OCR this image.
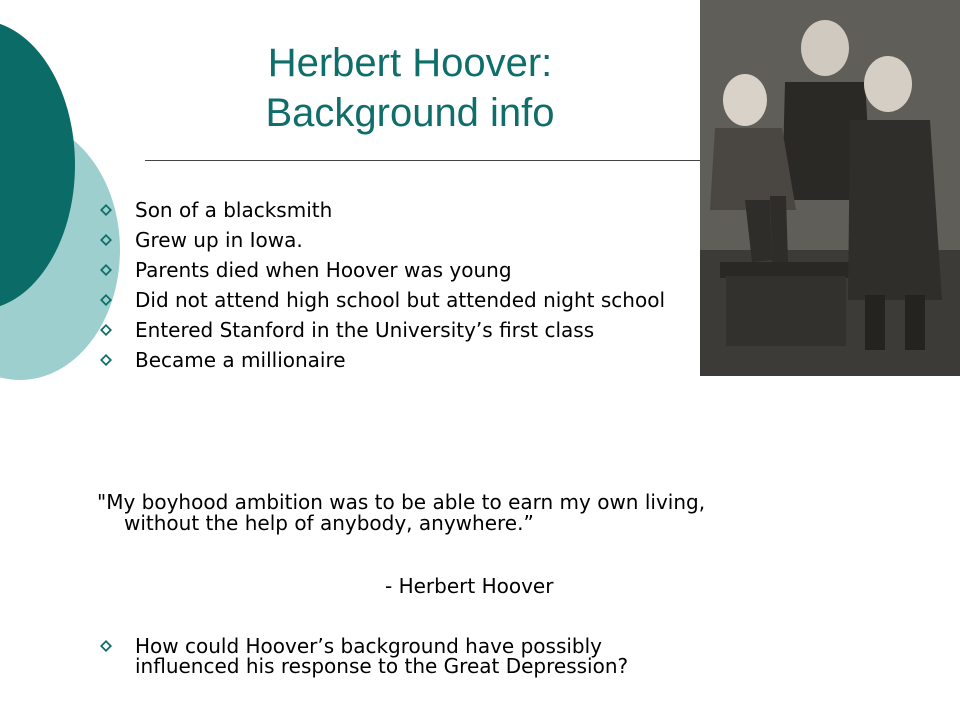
Herbert Hoover:
Background info
Son of a blacksmith
Grew up in Iowa.
Parents died when Hoover was young
Did not attend high school but attended night school
Entered Stanford in the University’s first class
Became a millionaire
"My boyhood ambition was to be able to earn my own living, without the help of anybody, anywhere.”
- Herbert Hoover
How could Hoover’s background have possibly influenced his response to the Great Depression?
